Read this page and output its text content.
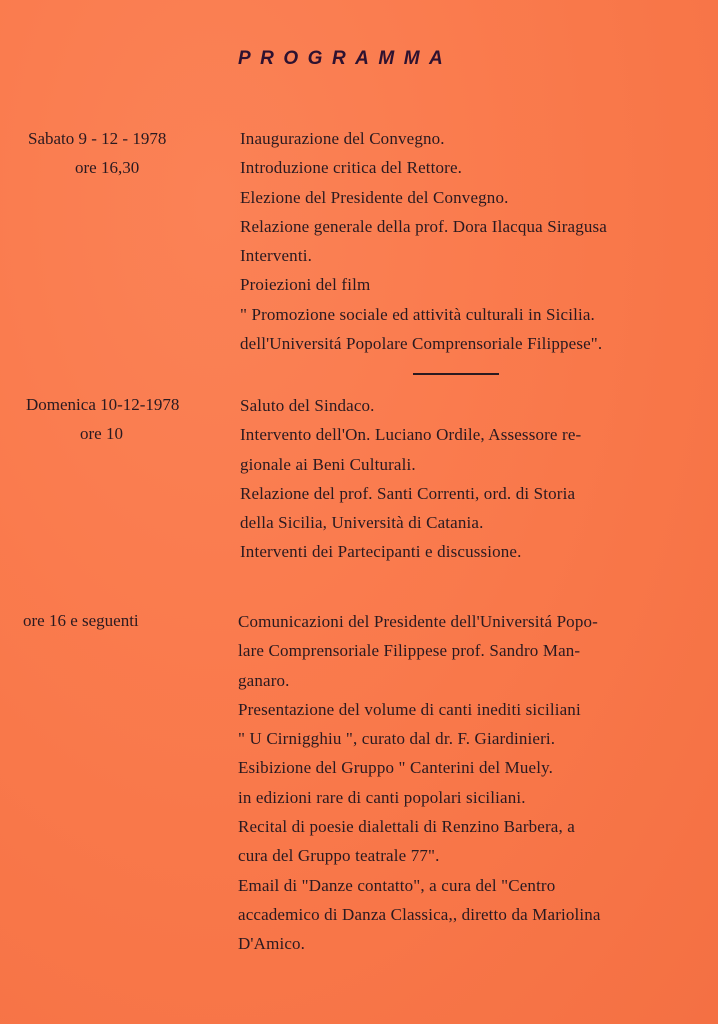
PROGRAMMA
Sabato 9 - 12 - 1978
ore 16,30
Inaugurazione del Convegno.
Introduzione critica del Rettore.
Elezione del Presidente del Convegno.
Relazione generale della prof. Dora Ilacqua Siragusa
Interventi.
Proiezioni del film
" Promozione sociale ed attività culturali in Sicilia.
dell'Universitá Popolare Comprensoriale Filippese".
Domenica 10-12-1978
ore 10
Saluto del Sindaco.
Intervento dell'On. Luciano Ordile, Assessore re-
gionale ai Beni Culturali.
Relazione del prof. Santi Correnti, ord. di Storia
della Sicilia, Università di Catania.
Interventi dei Partecipanti e discussione.
ore 16 e seguenti	Comunicazioni del Presidente dell'Universitá Popo-
lare Comprensoriale Filippese prof. Sandro Man-
ganaro.
Presentazione del volume di canti inediti siciliani
" U Cirnigghiu ", curato dal dr. F. Giardinieri.
Esibizione del Gruppo " Canterini del Muely.
in edizioni rare di canti popolari siciliani.
Recital di poesie dialettali di Renzino Barbera, a
cura del Gruppo teatrale 77".
Email di "Danze contatto", a cura del "Centro
accademico di Danza Classica,, diretto da Mariolina
D'Amico.
